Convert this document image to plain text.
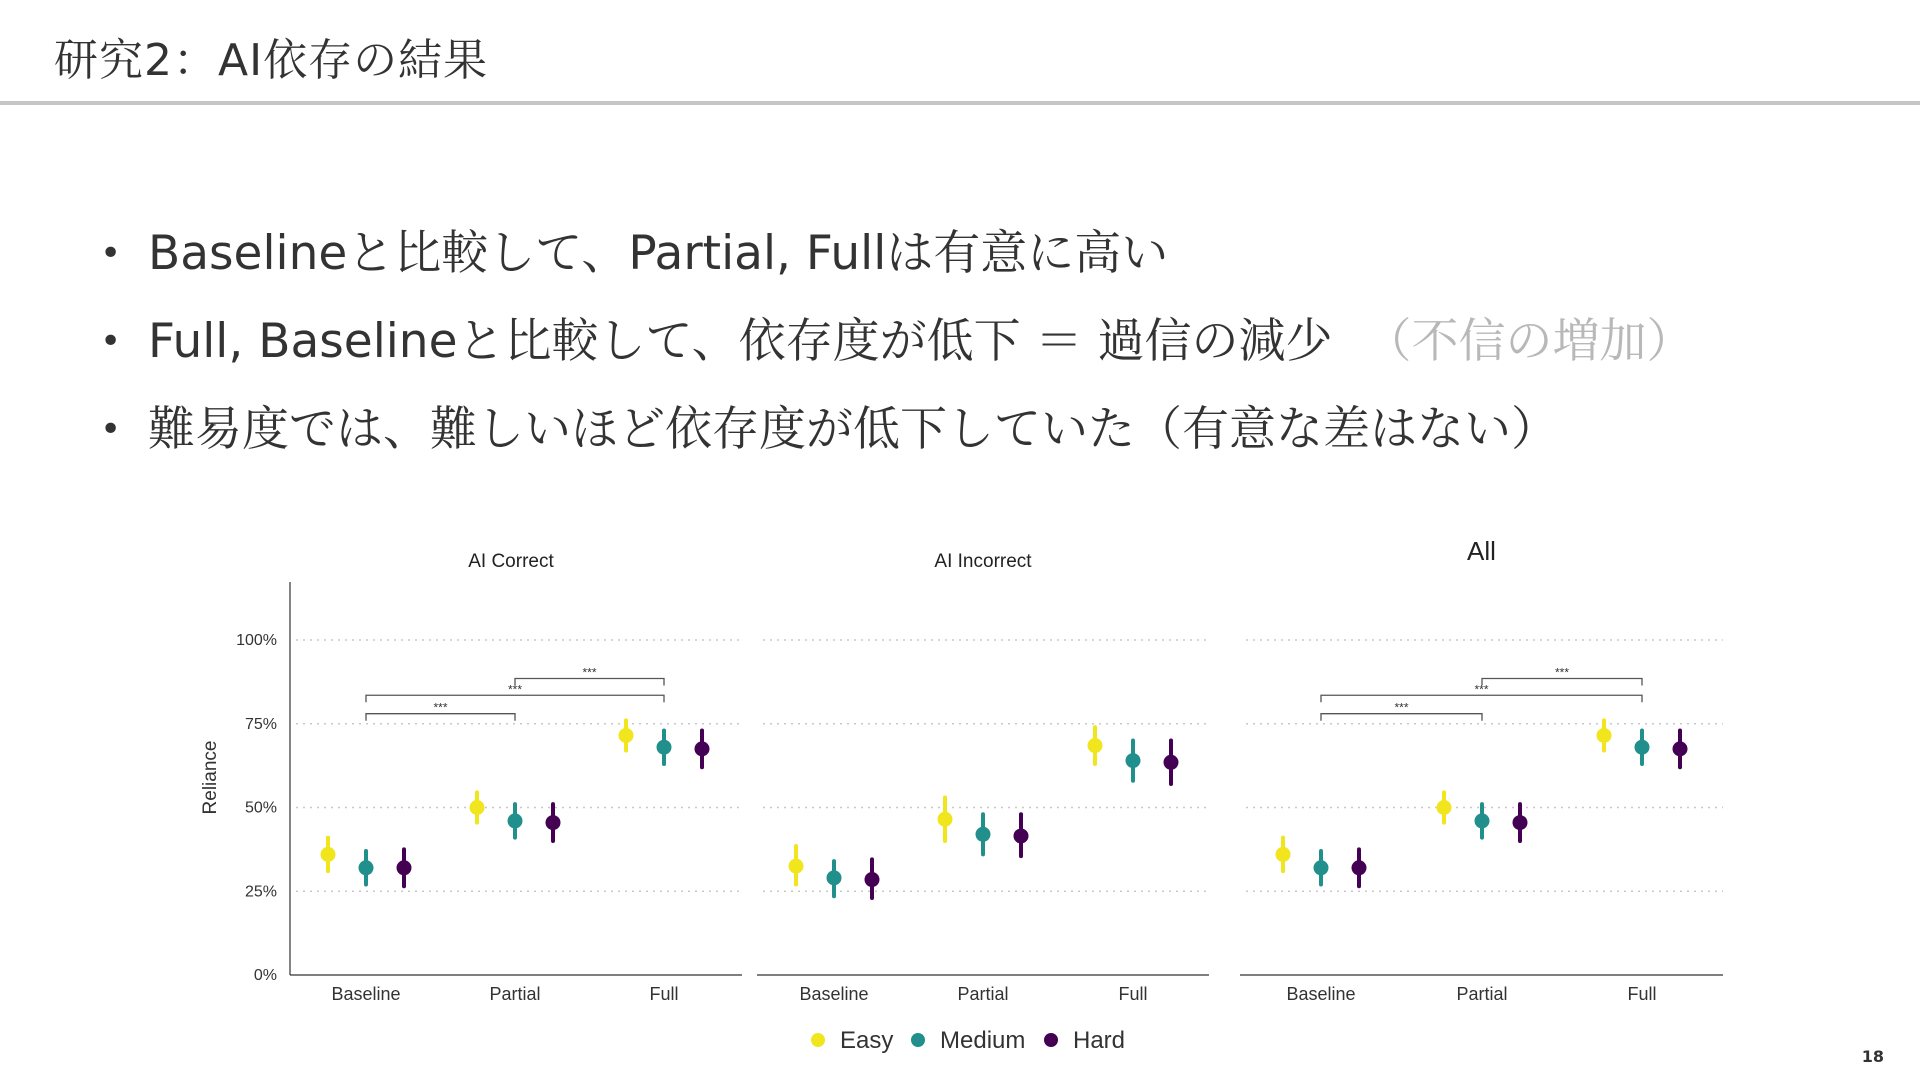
研究2：AI依存の結果
• Baselineと比較して、Partial, Fullは有意に高い
• Full, Baselineと比較して、依存度が低下 ＝ 過信の減少 （不信の増加）
• 難易度では、難しいほど依存度が低下していた（有意な差はない）
0%
25%
50%
75%
100%
Reliance
AI Correct
Baseline	Partial	Full
***
***
***
AI Incorrect
Baseline	Partial	Full
All
Baseline	Partial	Full
***
***
***
Easy Medium Hard
18
